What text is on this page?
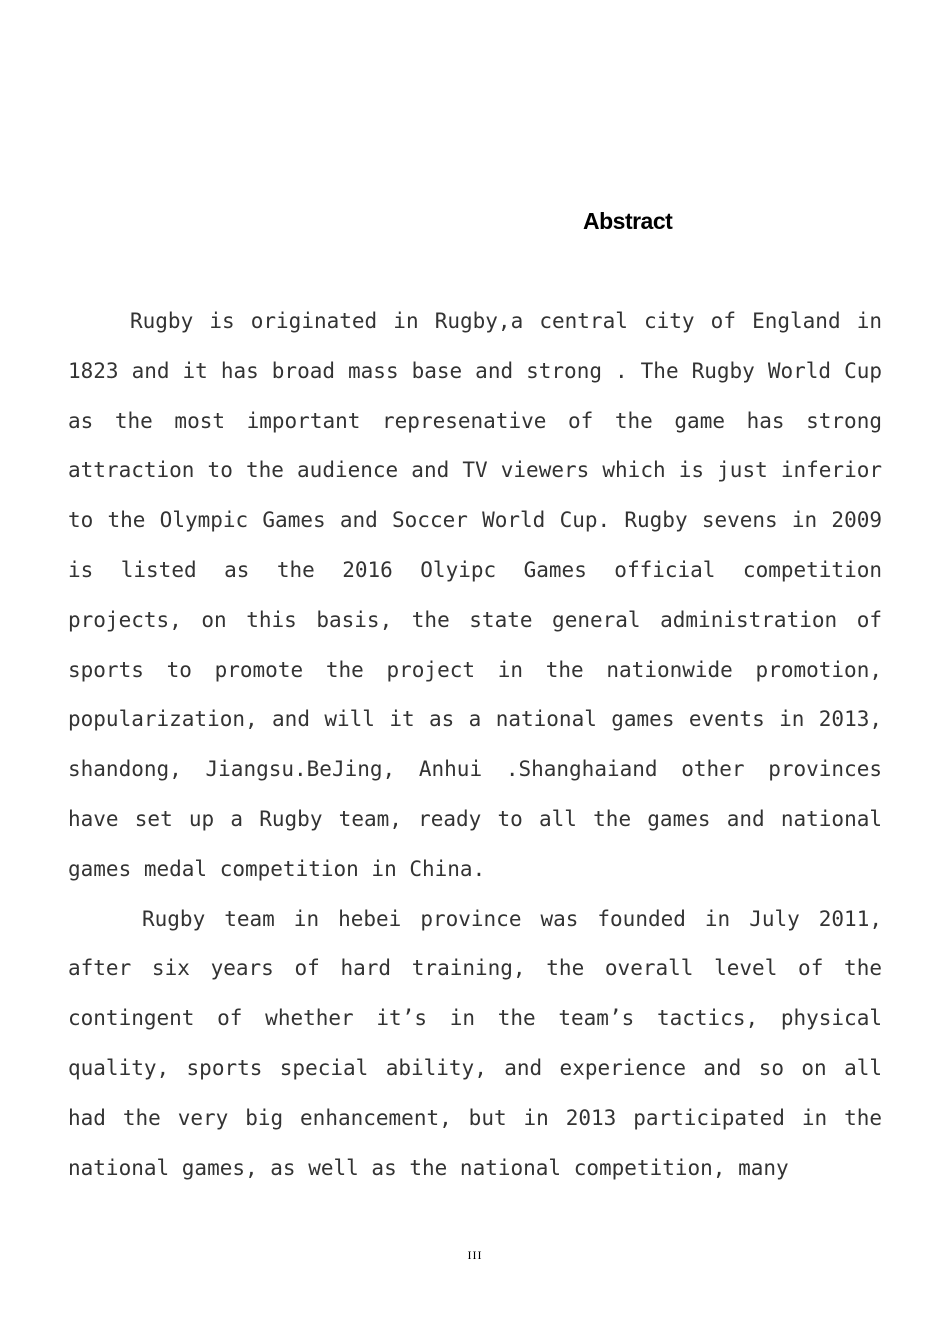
Abstract

Rugby is originated in Rugby,a central city of England in 1823 and it has broad mass base and strong . The Rugby World Cup as the most important represenative of the game has strong attraction to the audience and TV viewers which is just inferior to the Olympic Games and Soccer World Cup. Rugby sevens in 2009 is listed as the 2016 Olyipc Games official competition projects, on this basis, the state general administration of sports to promote the project in the nationwide promotion, popularization, and will it as a national games events in 2013, shandong, Jiangsu.BeJing, Anhui .Shanghaiand other provinces have set up a Rugby team, ready to all the games and national games medal competition in China.

Rugby team in hebei province was founded in July 2011, after six years of hard training, the overall level of the contingent of whether it’s in the team’s tactics, physical quality, sports special ability, and experience and so on all had the very big enhancement, but in 2013 participated in the national games, as well as the national competition, many

III
